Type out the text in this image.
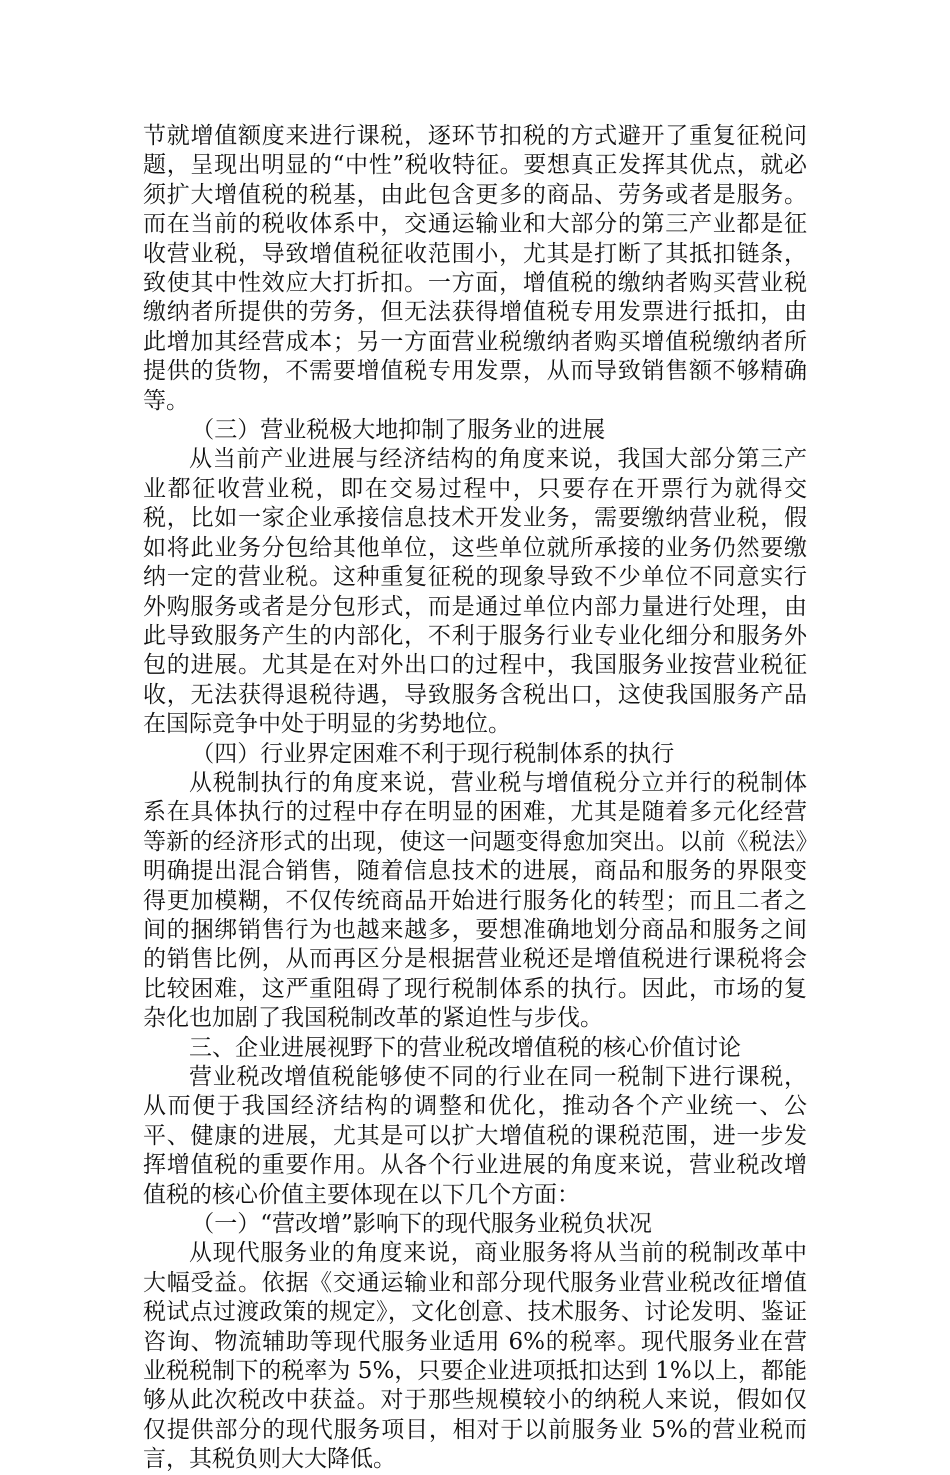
节就增值额度来进行课税，逐环节扣税的方式避开了重复征税问题，呈现出明显的“中性”税收特征。要想真正发挥其优点，就必须扩大增值税的税基，由此包含更多的商品、劳务或者是服务。而在当前的税收体系中，交通运输业和大部分的第三产业都是征收营业税，导致增值税征收范围小，尤其是打断了其抵扣链条，致使其中性效应大打折扣。一方面，增值税的缴纳者购买营业税缴纳者所提供的劳务，但无法获得增值税专用发票进行抵扣，由此增加其经营成本；另一方面营业税缴纳者购买增值税缴纳者所提供的货物，不需要增值税专用发票，从而导致销售额不够精确等。

（三）营业税极大地抑制了服务业的进展

从当前产业进展与经济结构的角度来说，我国大部分第三产业都征收营业税，即在交易过程中，只要存在开票行为就得交税，比如一家企业承接信息技术开发业务，需要缴纳营业税，假如将此业务分包给其他单位，这些单位就所承接的业务仍然要缴纳一定的营业税。这种重复征税的现象导致不少单位不同意实行外购服务或者是分包形式，而是通过单位内部力量进行处理，由此导致服务产生的内部化，不利于服务行业专业化细分和服务外包的进展。尤其是在对外出口的过程中，我国服务业按营业税征收，无法获得退税待遇，导致服务含税出口，这使我国服务产品在国际竞争中处于明显的劣势地位。

（四）行业界定困难不利于现行税制体系的执行

从税制执行的角度来说，营业税与增值税分立并行的税制体系在具体执行的过程中存在明显的困难，尤其是随着多元化经营等新的经济形式的出现，使这一问题变得愈加突出。以前《税法》明确提出混合销售，随着信息技术的进展，商品和服务的界限变得更加模糊，不仅传统商品开始进行服务化的转型；而且二者之间的捆绑销售行为也越来越多，要想准确地划分商品和服务之间的销售比例，从而再区分是根据营业税还是增值税进行课税将会比较困难，这严重阻碍了现行税制体系的执行。因此，市场的复杂化也加剧了我国税制改革的紧迫性与步伐。

三、企业进展视野下的营业税改增值税的核心价值讨论

营业税改增值税能够使不同的行业在同一税制下进行课税，从而便于我国经济结构的调整和优化，推动各个产业统一、公平、健康的进展，尤其是可以扩大增值税的课税范围，进一步发挥增值税的重要作用。从各个行业进展的角度来说，营业税改增值税的核心价值主要体现在以下几个方面：

（一）“营改增”影响下的现代服务业税负状况

从现代服务业的角度来说，商业服务将从当前的税制改革中大幅受益。依据《交通运输业和部分现代服务业营业税改征增值税试点过渡政策的规定》，文化创意、技术服务、讨论发明、鉴证咨询、物流辅助等现代服务业适用 6%的税率。现代服务业在营业税税制下的税率为 5%，只要企业进项抵扣达到 1%以上，都能够从此次税改中获益。对于那些规模较小的纳税人来说，假如仅仅提供部分的现代服务项目，相对于以前服务业 5%的营业税而言，其税负则大大降低。
